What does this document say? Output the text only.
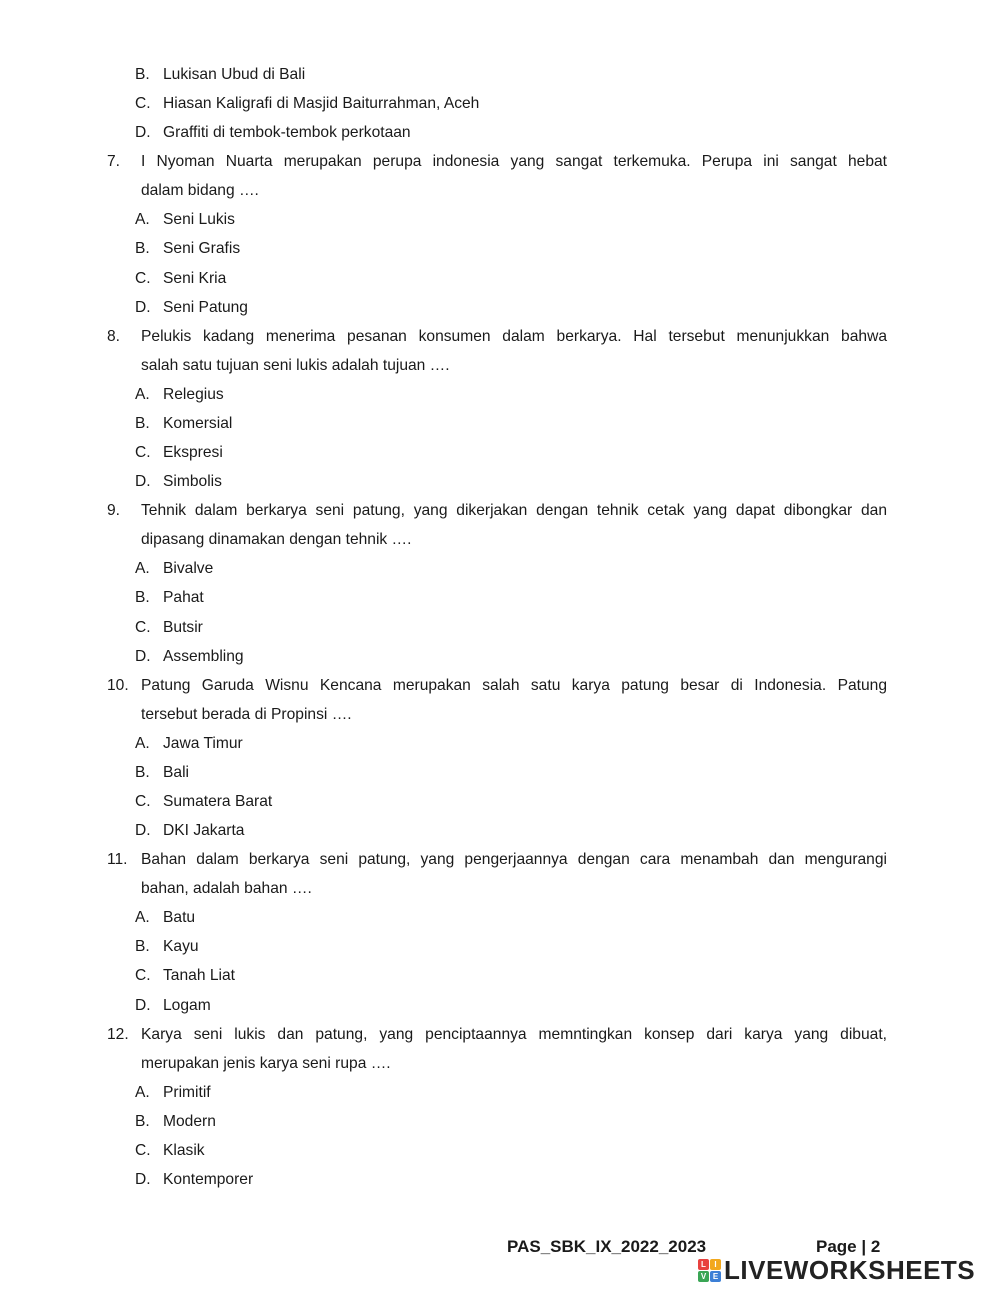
B. Lukisan Ubud di Bali
C. Hiasan Kaligrafi di Masjid Baiturrahman, Aceh
D. Graffiti di tembok-tembok perkotaan
7. I Nyoman Nuarta merupakan perupa indonesia yang sangat terkemuka. Perupa ini sangat hebat
dalam bidang ….
A. Seni Lukis
B. Seni Grafis
C. Seni Kria
D. Seni Patung
8. Pelukis kadang menerima pesanan konsumen dalam berkarya. Hal tersebut menunjukkan bahwa
salah satu tujuan seni lukis adalah tujuan ….
A. Relegius
B. Komersial
C. Ekspresi
D. Simbolis
9. Tehnik dalam berkarya seni patung, yang dikerjakan dengan tehnik cetak yang dapat dibongkar dan
dipasang dinamakan dengan tehnik ….
A. Bivalve
B. Pahat
C. Butsir
D. Assembling
10. Patung Garuda Wisnu Kencana merupakan salah satu karya patung besar di Indonesia. Patung
tersebut berada di Propinsi ….
A. Jawa Timur
B. Bali
C. Sumatera Barat
D. DKI Jakarta
11. Bahan dalam berkarya seni patung, yang pengerjaannya dengan cara menambah dan mengurangi
bahan, adalah bahan ….
A. Batu
B. Kayu
C. Tanah Liat
D. Logam
12. Karya seni lukis dan patung, yang penciptaannya memntingkan konsep dari karya yang dibuat,
merupakan jenis karya seni rupa ….
A. Primitif
B. Modern
C. Klasik
D. Kontemporer
PAS_SBK_IX_2022_2023	Page | 2
L	I
V E LIVEWORKSHEETS
